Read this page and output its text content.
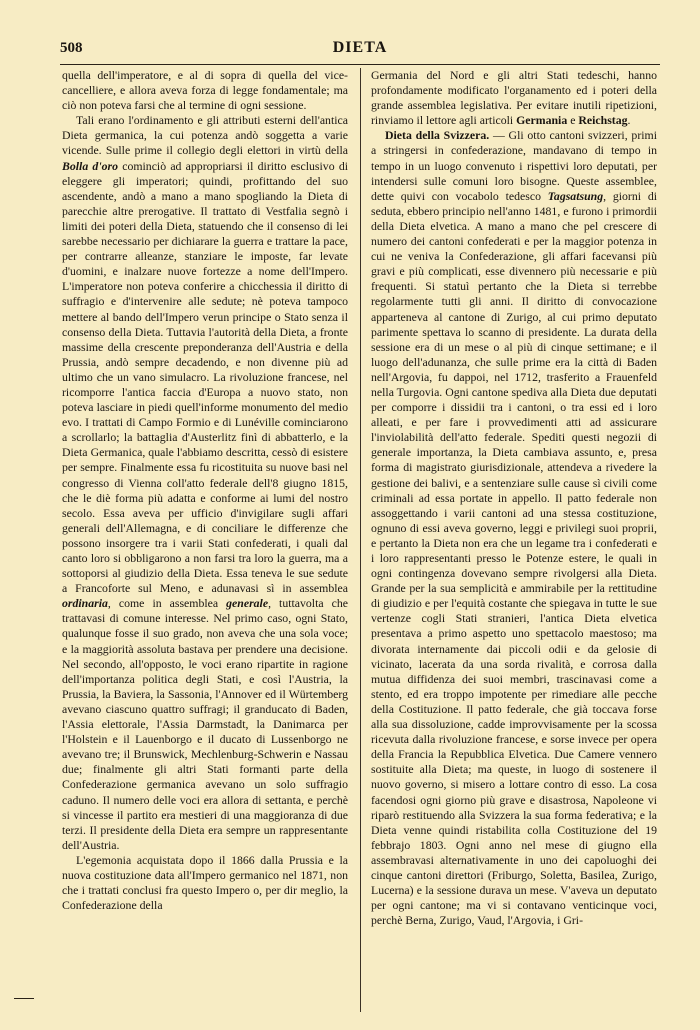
508	DIETA

quella dell'imperatore, e al di sopra di quella del vice-cancelliere, e allora aveva forza di legge fondamentale; ma ciò non poteva farsi che al termine di ogni sessione.

Tali erano l'ordinamento e gli attributi esterni dell'antica Dieta germanica, la cui potenza andò soggetta a varie vicende. Sulle prime il collegio degli elettori in virtù della Bolla d'oro cominciò ad appropriarsi il diritto esclusivo di eleggere gli imperatori; quindi, profittando del suo ascendente, andò a mano a mano spogliando la Dieta di parecchie altre prerogative. Il trattato di Vestfalia segnò i limiti dei poteri della Dieta, statuendo che il consenso di lei sarebbe necessario per dichiarare la guerra e trattare la pace, per contrarre alleanze, stanziare le imposte, far levate d'uomini, e inalzare nuove fortezze a nome dell'Impero. L'imperatore non poteva conferire a chicchessia il diritto di suffragio e d'intervenire alle sedute; nè poteva tampoco mettere al bando dell'Impero verun principe o Stato senza il consenso della Dieta. Tuttavia l'autorità della Dieta, a fronte massime della crescente preponderanza dell'Austria e della Prussia, andò sempre decadendo, e non divenne più ad ultimo che un vano simulacro. La rivoluzione francese, nel ricomporre l'antica faccia d'Europa a nuovo stato, non poteva lasciare in piedi quell'informe monumento del medio evo. I trattati di Campo Formio e di Lunéville cominciarono a scrollarlo; la battaglia d'Austerlitz finì di abbatterlo, e la Dieta Germanica, quale l'abbiamo descritta, cessò di esistere per sempre. Finalmente essa fu ricostituita su nuove basi nel congresso di Vienna coll'atto federale dell'8 giugno 1815, che le diè forma più adatta e conforme ai lumi del nostro secolo. Essa aveva per ufficio d'invigilare sugli affari generali dell'Allemagna, e di conciliare le differenze che possono insorgere tra i varii Stati confederati, i quali dal canto loro si obbligarono a non farsi tra loro la guerra, ma a sottoporsi al giudizio della Dieta. Essa teneva le sue sedute a Francoforte sul Meno, e adunavasi sì in assemblea ordinaria, come in assemblea generale, tuttavolta che trattavasi di comune interesse. Nel primo caso, ogni Stato, qualunque fosse il suo grado, non aveva che una sola voce; e la maggiorità assoluta bastava per prendere una decisione. Nel secondo, all'opposto, le voci erano ripartite in ragione dell'importanza politica degli Stati, e così l'Austria, la Prussia, la Baviera, la Sassonia, l'Annover ed il Würtemberg avevano ciascuno quattro suffragi; il granducato di Baden, l'Assia elettorale, l'Assia Darmstadt, la Danimarca per l'Holstein e il Lauenborgo e il ducato di Lussenborgo ne avevano tre; il Brunswick, Mechlenburg-Schwerin e Nassau due; finalmente gli altri Stati formanti parte della Confederazione germanica avevano un solo suffragio caduno. Il numero delle voci era allora di settanta, e perchè si vincesse il partito era mestieri di una maggioranza di due terzi. Il presidente della Dieta era sempre un rappresentante dell'Austria.

L'egemonia acquistata dopo il 1866 dalla Prussia e la nuova costituzione data all'Impero germanico nel 1871, non che i trattati conclusi fra questo Impero o, per dir meglio, la Confederazione della

Germania del Nord e gli altri Stati tedeschi, hanno profondamente modificato l'organamento ed i poteri della grande assemblea legislativa. Per evitare inutili ripetizioni, rinviamo il lettore agli articoli Germania e Reichstag.

Dieta della Svizzera. — Gli otto cantoni svizzeri, primi a stringersi in confederazione, mandavano di tempo in tempo in un luogo convenuto i rispettivi loro deputati, per intendersi sulle comuni loro bisogne. Queste assemblee, dette quivi con vocabolo tedesco Tagsatsung, giorni di seduta, ebbero principio nell'anno 1481, e furono i primordii della Dieta elvetica. A mano a mano che pel crescere di numero dei cantoni confederati e per la maggior potenza in cui ne veniva la Confederazione, gli affari facevansi più gravi e più complicati, esse divennero più necessarie e più frequenti. Si statuì pertanto che la Dieta si terrebbe regolarmente tutti gli anni. Il diritto di convocazione apparteneva al cantone di Zurigo, al cui primo deputato parimente spettava lo scanno di presidente. La durata della sessione era di un mese o al più di cinque settimane; e il luogo dell'adunanza, che sulle prime era la città di Baden nell'Argovia, fu dappoi, nel 1712, trasferito a Frauenfeld nella Turgovia. Ogni cantone spediva alla Dieta due deputati per comporre i dissidii tra i cantoni, o tra essi ed i loro alleati, e per fare i provvedimenti atti ad assicurare l'inviolabilità dell'atto federale. Spediti questi negozii di generale importanza, la Dieta cambiava assunto, e, presa forma di magistrato giurisdizionale, attendeva a rivedere la gestione dei balivi, e a sentenziare sulle cause sì civili come criminali ad essa portate in appello. Il patto federale non assoggettando i varii cantoni ad una stessa costituzione, ognuno di essi aveva governo, leggi e privilegi suoi proprii, e pertanto la Dieta non era che un legame tra i confederati e i loro rappresentanti presso le Potenze estere, le quali in ogni contingenza dovevano sempre rivolgersi alla Dieta. Grande per la sua semplicità e ammirabile per la rettitudine di giudizio e per l'equità costante che spiegava in tutte le sue vertenze cogli Stati stranieri, l'antica Dieta elvetica presentava a primo aspetto uno spettacolo maestoso; ma divorata internamente dai piccoli odii e da gelosie di vicinato, lacerata da una sorda rivalità, e corrosa dalla mutua diffidenza dei suoi membri, trascinavasi come a stento, ed era troppo impotente per rimediare alle pecche della Costituzione. Il patto federale, che già toccava forse alla sua dissoluzione, cadde improvvisamente per la scossa ricevuta dalla rivoluzione francese, e sorse invece per opera della Francia la Repubblica Elvetica. Due Camere vennero sostituite alla Dieta; ma queste, in luogo di sostenere il nuovo governo, si misero a lottare contro di esso. La cosa facendosi ogni giorno più grave e disastrosa, Napoleone vi riparò restituendo alla Svizzera la sua forma federativa; e la Dieta venne quindi ristabilita colla Costituzione del 19 febbrajo 1803. Ogni anno nel mese di giugno ella assembravasi alternativamente in uno dei capoluoghi dei cinque cantoni direttori (Friburgo, Soletta, Basilea, Zurigo, Lucerna) e la sessione durava un mese. V'aveva un deputato per ogni cantone; ma vi si contavano venticinque voci, perchè Berna, Zurigo, Vaud, l'Argovia, i Gri-
